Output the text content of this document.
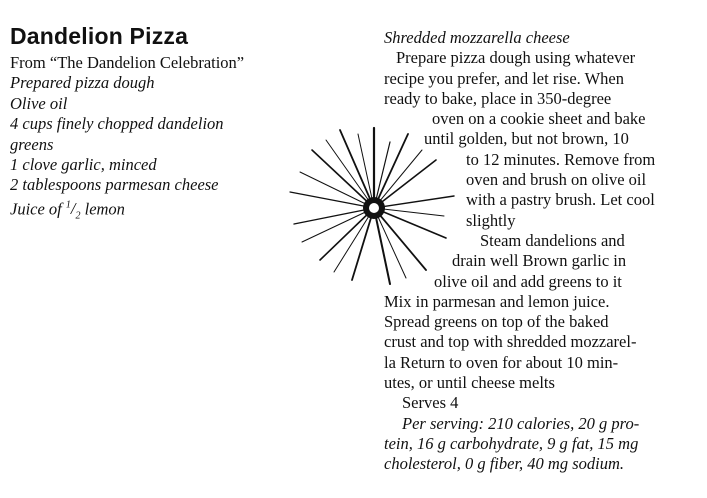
Dandelion Pizza
From “The Dandelion Celebration”
Prepared pizza dough
Olive oil
4 cups finely chopped dandelion
greens
1 clove garlic, minced
2 tablespoons parmesan cheese
Juice of $^1/_2$ lemon
Shredded mozzarella cheese
Prepare pizza dough using whatever
recipe you prefer, and let rise. When
ready to bake, place in 350-degree
oven on a cookie sheet and bake
until golden, but not brown, 10
to 12 minutes. Remove from
oven and brush on olive oil
with a pastry brush. Let cool
slightly
Steam dandelions and
drain well Brown garlic in
olive oil and add greens to it
Mix in parmesan and lemon juice.
Spread greens on top of the baked
crust and top with shredded mozzarel-
la Return to oven for about 10 min-
utes, or until cheese melts
Serves 4
Per serving: 210 calories, 20 g pro-
tein, 16 g carbohydrate, 9 g fat, 15 mg
cholesterol, 0 g fiber, 40 mg sodium.
